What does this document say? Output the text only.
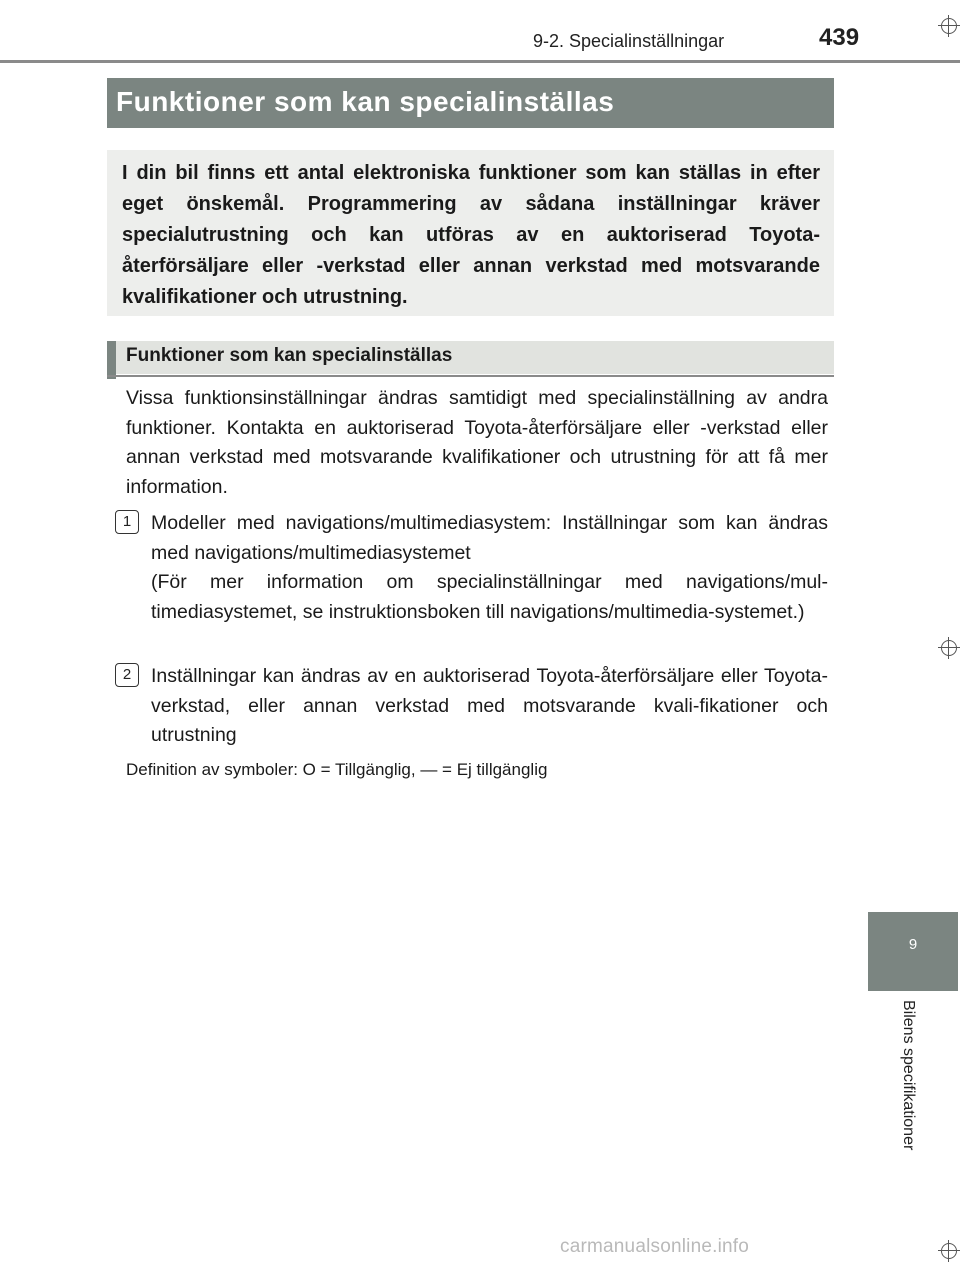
9-2. Specialinställningar	439
Funktioner som kan specialinställas

I din bil finns ett antal elektroniska funktioner som kan ställas in efter eget önskemål. Programmering av sådana inställningar kräver specialutrustning och kan utföras av en auktoriserad Toyota-återförsäljare eller -verkstad eller annan verkstad med motsvarande kvalifikationer och utrustning.

Funktioner som kan specialinställas

Vissa funktionsinställningar ändras samtidigt med specialinställning av andra funktioner. Kontakta en auktoriserad Toyota-återförsäljare eller -verkstad eller annan verkstad med motsvarande kvalifikationer och utrustning för att få mer information.

1	Modeller med navigations/multimediasystem: Inställningar som kan ändras med navigations/multimediasystemet

(För mer information om specialinställningar med navigations/mul-timediasystemet, se instruktionsboken till navigations/multimedia-systemet.)

2	Inställningar kan ändras av en auktoriserad Toyota-återförsäljare eller Toyota-verkstad, eller annan verkstad med motsvarande kvali-fikationer och utrustning

Definition av symboler: O = Tillgänglig, — = Ej tillgänglig
9
Bilens specifikationer
carmanualsonline.info
